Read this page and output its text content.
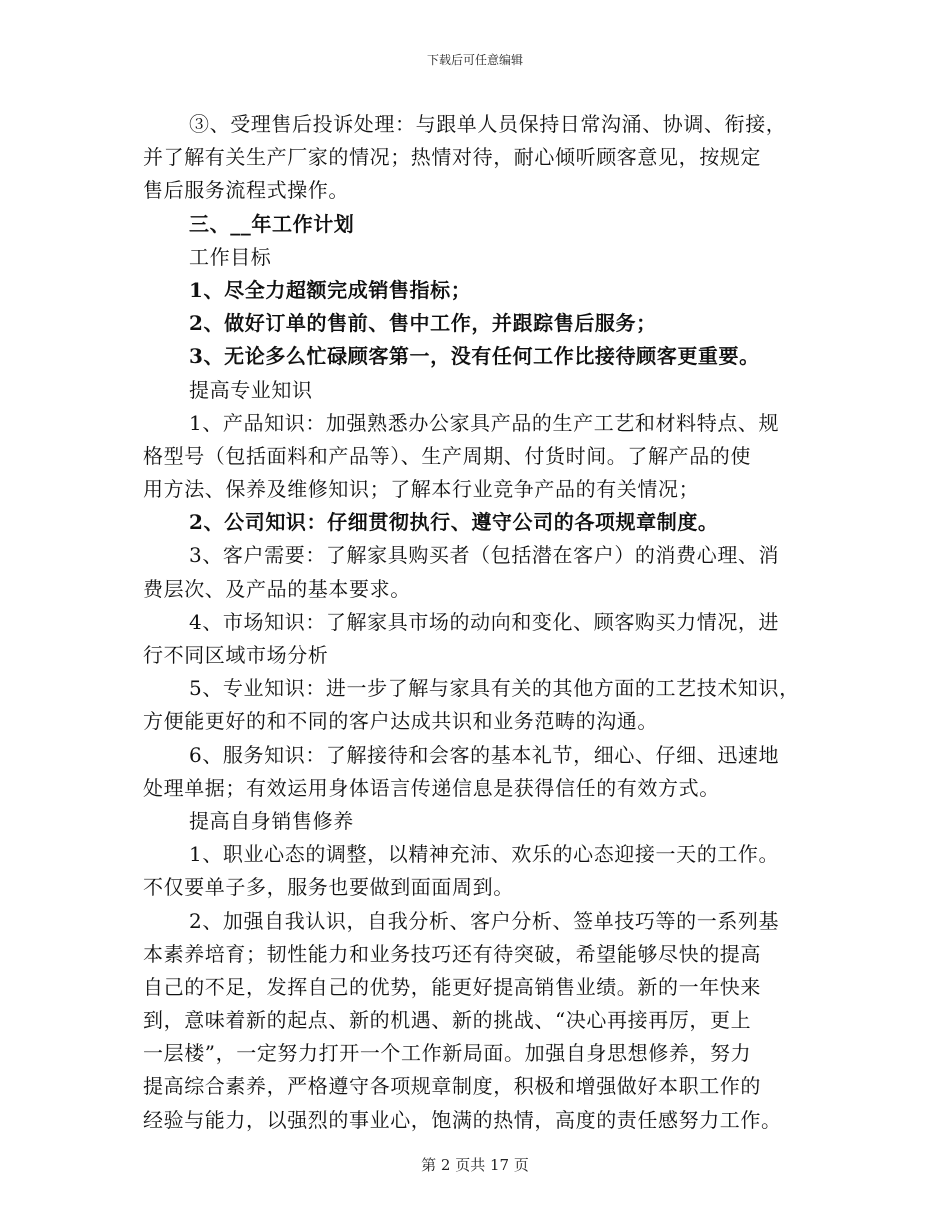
下载后可任意编辑
③、受理售后投诉处理：与跟单人员保持日常沟涌、协调、衔接，
并了解有关生产厂家的情况；热情对待，耐心倾听顾客意见，按规定
售后服务流程式操作。
三、__年工作计划
工作目标
1、尽全力超额完成销售指标；
2、做好订单的售前、售中工作，并跟踪售后服务；
3、无论多么忙碌顾客第一，没有任何工作比接待顾客更重要。
提高专业知识
1、产品知识：加强熟悉办公家具产品的生产工艺和材料特点、规
格型号（包括面料和产品等）、生产周期、付货时间。了解产品的使
用方法、保养及维修知识；了解本行业竞争产品的有关情况；
2、公司知识：仔细贯彻执行、遵守公司的各项规章制度。
3、客户需要：了解家具购买者（包括潜在客户）的消费心理、消
费层次、及产品的基本要求。
4、市场知识：了解家具市场的动向和变化、顾客购买力情况，进
行不同区域市场分析
5、专业知识：进一步了解与家具有关的其他方面的工艺技术知识，
方便能更好的和不同的客户达成共识和业务范畴的沟通。
6、服务知识：了解接待和会客的基本礼节，细心、仔细、迅速地
处理单据；有效运用身体语言传递信息是获得信任的有效方式。
提高自身销售修养
1、职业心态的调整，以精神充沛、欢乐的心态迎接一天的工作。
不仅要单子多，服务也要做到面面周到。
2、加强自我认识，自我分析、客户分析、签单技巧等的一系列基
本素养培育；韧性能力和业务技巧还有待突破，希望能够尽快的提高
自己的不足，发挥自己的优势，能更好提高销售业绩。新的一年快来
到，意味着新的起点、新的机遇、新的挑战、“决心再接再厉，更上
一层楼”，一定努力打开一个工作新局面。加强自身思想修养，努力
提高综合素养，严格遵守各项规章制度，积极和增强做好本职工作的
经验与能力，以强烈的事业心，饱满的热情，高度的责任感努力工作。
第 2 页共 17 页
